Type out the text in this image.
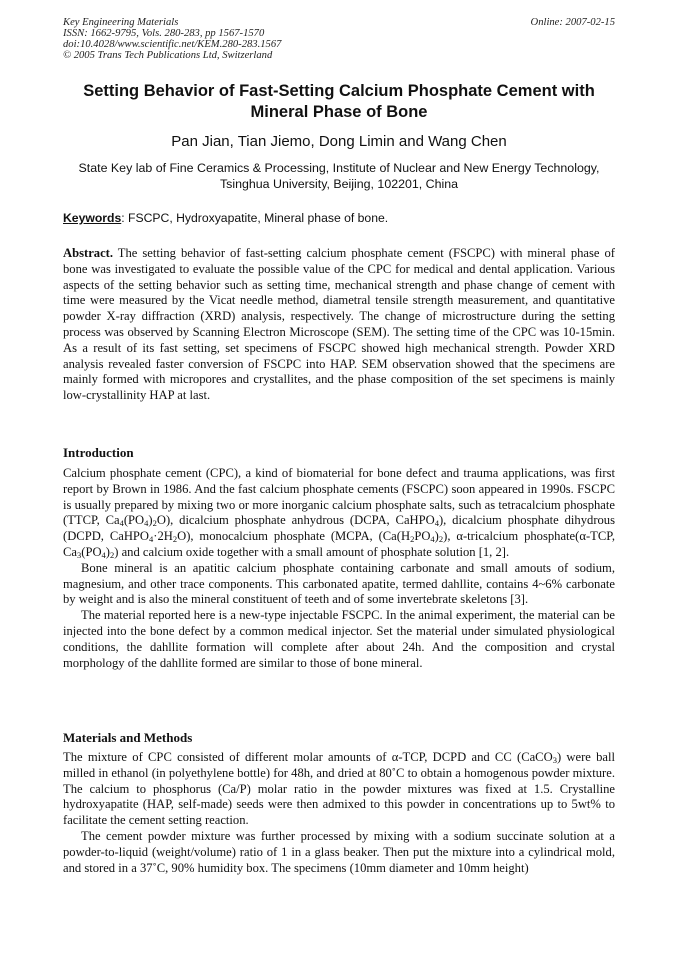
Key Engineering Materials
ISSN: 1662-9795, Vols. 280-283, pp 1567-1570
doi:10.4028/www.scientific.net/KEM.280-283.1567
© 2005 Trans Tech Publications Ltd, Switzerland
Online: 2007-02-15
Setting Behavior of Fast-Setting Calcium Phosphate Cement with
Mineral Phase of Bone
Pan Jian, Tian Jiemo, Dong Limin and Wang Chen
State Key lab of Fine Ceramics & Processing, Institute of Nuclear and New Energy Technology,
Tsinghua University, Beijing, 102201, China
Keywords: FSCPC, Hydroxyapatite, Mineral phase of bone.

Abstract. The setting behavior of fast-setting calcium phosphate cement (FSCPC) with mineral phase of bone was investigated to evaluate the possible value of the CPC for medical and dental application. Various aspects of the setting behavior such as setting time, mechanical strength and phase change of cement with time were measured by the Vicat needle method, diametral tensile strength measurement, and quantitative powder X-ray diffraction (XRD) analysis, respectively. The change of microstructure during the setting process was observed by Scanning Electron Microscope (SEM). The setting time of the CPC was 10-15min. As a result of its fast setting, set specimens of FSCPC showed high mechanical strength. Powder XRD analysis revealed faster conversion of FSCPC into HAP. SEM observation showed that the specimens are mainly formed with micropores and crystallites, and the phase composition of the set specimens is mainly low-crystallinity HAP at last.

Introduction

Calcium phosphate cement (CPC), a kind of biomaterial for bone defect and trauma applications, was first report by Brown in 1986. And the fast calcium phosphate cements (FSCPC) soon appeared in 1990s. FSCPC is usually prepared by mixing two or more inorganic calcium phosphate salts, such as tetracalcium phosphate (TTCP, $Ca_4(PO_4)_2O$), dicalcium phosphate anhydrous (DCPA, CaHPO$_4$), dicalcium phosphate dihydrous (DCPD, $CaHPO_4\cdot 2H_2O$), monocalcium phosphate (MCPA, $(Ca(H_2PO_4)_2)$, α-tricalcium phosphate(α-TCP, $Ca_3(PO_4)_2$) and calcium oxide together with a small amount of phosphate solution [1, 2].

Bone mineral is an apatitic calcium phosphate containing carbonate and small amouts of sodium, magnesium, and other trace components. This carbonated apatite, termed dahllite, contains 4~6% carbonate by weight and is also the mineral constituent of teeth and of some invertebrate skeletons [3].

The material reported here is a new-type injectable FSCPC. In the animal experiment, the material can be injected into the bone defect by a common medical injector. Set the material under simulated physiological conditions, the dahllite formation will complete after about 24h. And the composition and crystal morphology of the dahllite formed are similar to those of bone mineral.

Materials and Methods

The mixture of CPC consisted of different molar amounts of α-TCP, DCPD and CC (CaCO$_3$) were ball milled in ethanol (in polyethylene bottle) for 48h, and dried at 80˚C to obtain a homogenous powder mixture. The calcium to phosphorus (Ca/P) molar ratio in the powder mixtures was fixed at 1.5. Crystalline hydroxyapatite (HAP, self-made) seeds were then admixed to this powder in concentrations up to 5wt% to facilitate the cement setting reaction.

The cement powder mixture was further processed by mixing with a sodium succinate solution at a powder-to-liquid (weight/volume) ratio of 1 in a glass beaker. Then put the mixture into a cylindrical mold, and stored in a 37˚C, 90% humidity box. The specimens (10mm diameter and 10mm height)
